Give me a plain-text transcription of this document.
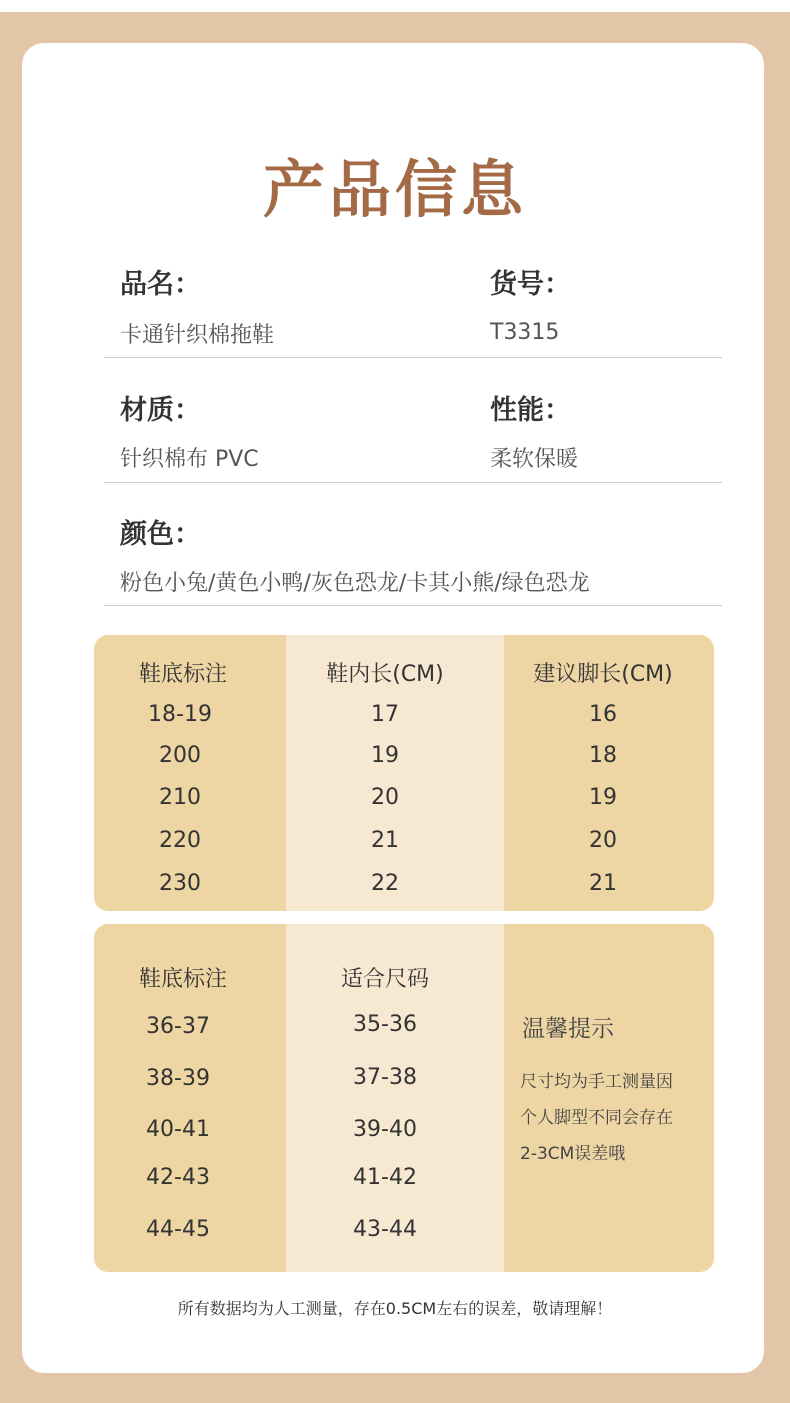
产品信息
品名：
卡通针织棉拖鞋
货号：
T3315
材质：
针织棉布 PVC
性能：
柔软保暖
颜色：
粉色小兔/黄色小鸭/灰色恐龙/卡其小熊/绿色恐龙
鞋底标注	鞋内长(CM)	建议脚长(CM)
18-19	17	16
200	19	18
210	20	19
220	21	20
230	22	21
鞋底标注	适合尺码
36-37	35-36
38-39	37-38
40-41	39-40
42-43	41-42
44-45	43-44
温馨提示
尺寸均为手工测量因
个人脚型不同会存在
2-3CM误差哦
所有数据均为人工测量，存在0.5CM左右的误差，敬请理解！
